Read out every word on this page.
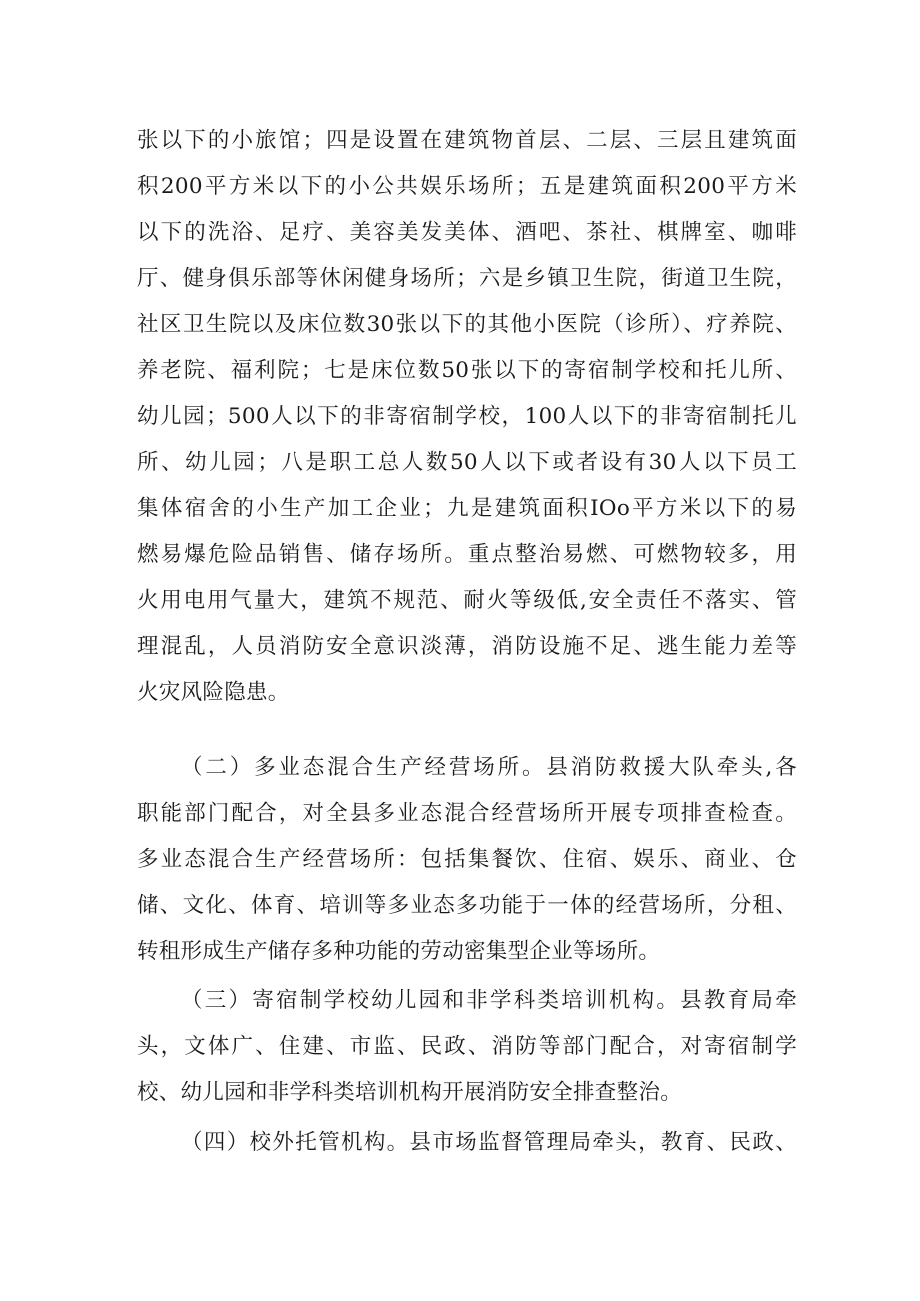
张以下的小旅馆；四是设置在建筑物首层、二层、三层且建筑面
积200平方米以下的小公共娱乐场所；五是建筑面积200平方米
以下的洗浴、足疗、美容美发美体、酒吧、茶社、棋牌室、咖啡
厅、健身俱乐部等休闲健身场所；六是乡镇卫生院，街道卫生院，
社区卫生院以及床位数30张以下的其他小医院（诊所）、疗养院、
养老院、福利院；七是床位数50张以下的寄宿制学校和托儿所、
幼儿园；500人以下的非寄宿制学校，100人以下的非寄宿制托儿
所、幼儿园；八是职工总人数50人以下或者设有30人以下员工
集体宿舍的小生产加工企业；九是建筑面积IOo平方米以下的易
燃易爆危险品销售、储存场所。重点整治易燃、可燃物较多，用
火用电用气量大，建筑不规范、耐火等级低,安全责任不落实、管
理混乱，人员消防安全意识淡薄，消防设施不足、逃生能力差等
火灾风险隐患。
（二）多业态混合生产经营场所。县消防救援大队牵头,各
职能部门配合，对全县多业态混合经营场所开展专项排查检查。
多业态混合生产经营场所：包括集餐饮、住宿、娱乐、商业、仓
储、文化、体育、培训等多业态多功能于一体的经营场所，分租、
转租形成生产储存多种功能的劳动密集型企业等场所。
（三）寄宿制学校幼儿园和非学科类培训机构。县教育局牵
头，文体广、住建、市监、民政、消防等部门配合，对寄宿制学
校、幼儿园和非学科类培训机构开展消防安全排查整治。
（四）校外托管机构。县市场监督管理局牵头，教育、民政、
